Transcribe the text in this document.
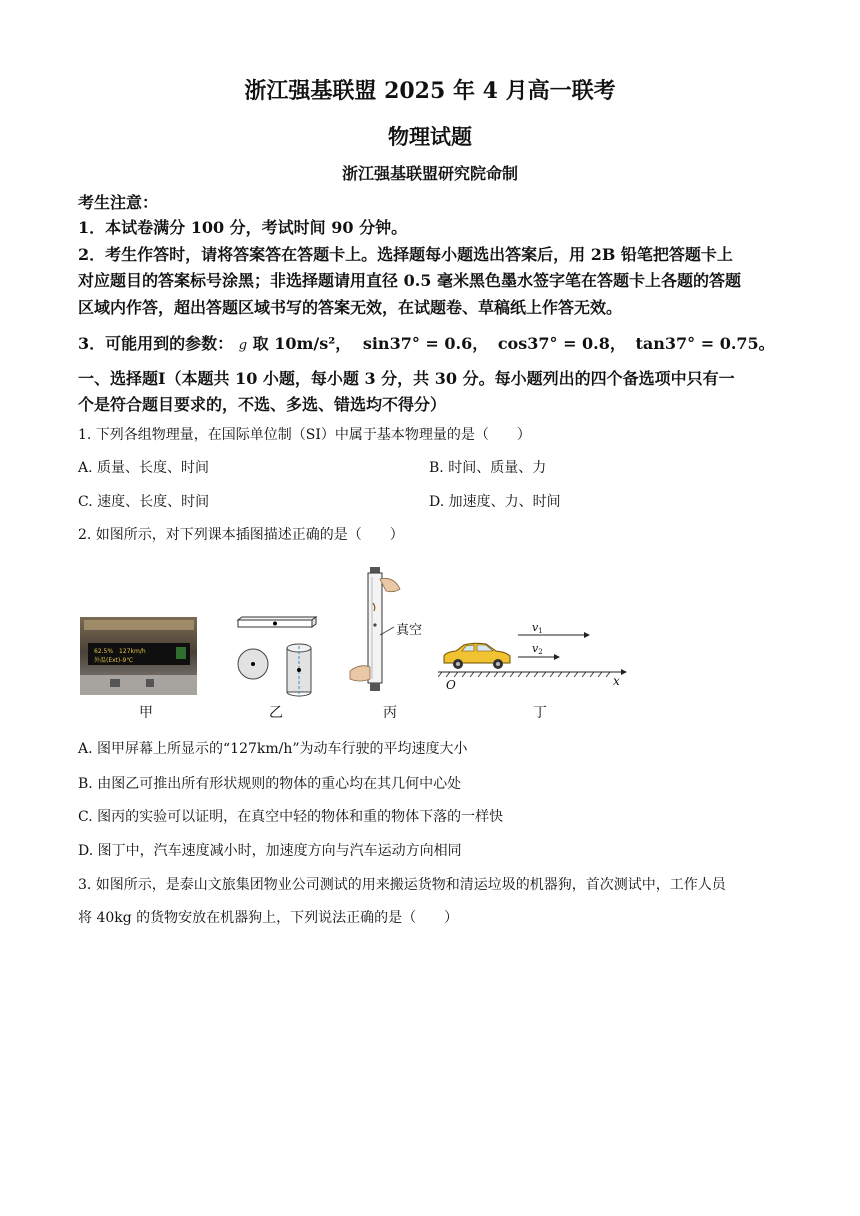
浙江强基联盟 2025 年 4 月高一联考
物理试题
浙江强基联盟研究院命制
考生注意：
1．本试卷满分 100 分，考试时间 90 分钟。
2．考生作答时，请将答案答在答题卡上。选择题每小题选出答案后，用 2B 铅笔把答题卡上
对应题目的答案标号涂黑；非选择题请用直径 0.5 毫米黑色墨水签字笔在答题卡上各题的答题
区域内作答，超出答题区域书写的答案无效，在试题卷、草稿纸上作答无效。
3．可能用到的参数： g 取 10m/s²， sin37° = 0.6， cos37° = 0.8， tan37° = 0.75。
一、选择题Ⅰ（本题共 10 小题，每小题 3 分，共 30 分。每小题列出的四个备选项中只有一
个是符合题目要求的，不选、多选、错选均不得分）
1. 下列各组物理量，在国际单位制（SI）中属于基本物理量的是（　　）
A. 质量、长度、时间	B. 时间、质量、力
C. 速度、长度、时间	D. 加速度、力、时间
2. 如图所示，对下列课本插图描述正确的是（　　）
62.5%　127km/h
外温(Ext)-9℃
真空	v1
v2
O	x
甲	乙	丙	丁
A. 图甲屏幕上所显示的“127km/h”为动车行驶的平均速度大小
B. 由图乙可推出所有形状规则的物体的重心均在其几何中心处
C. 图丙的实验可以证明，在真空中轻的物体和重的物体下落的一样快
D. 图丁中，汽车速度减小时，加速度方向与汽车运动方向相同
3. 如图所示，是泰山文旅集团物业公司测试的用来搬运货物和清运垃圾的机器狗，首次测试中，工作人员
将 40kg 的货物安放在机器狗上，下列说法正确的是（　　）
